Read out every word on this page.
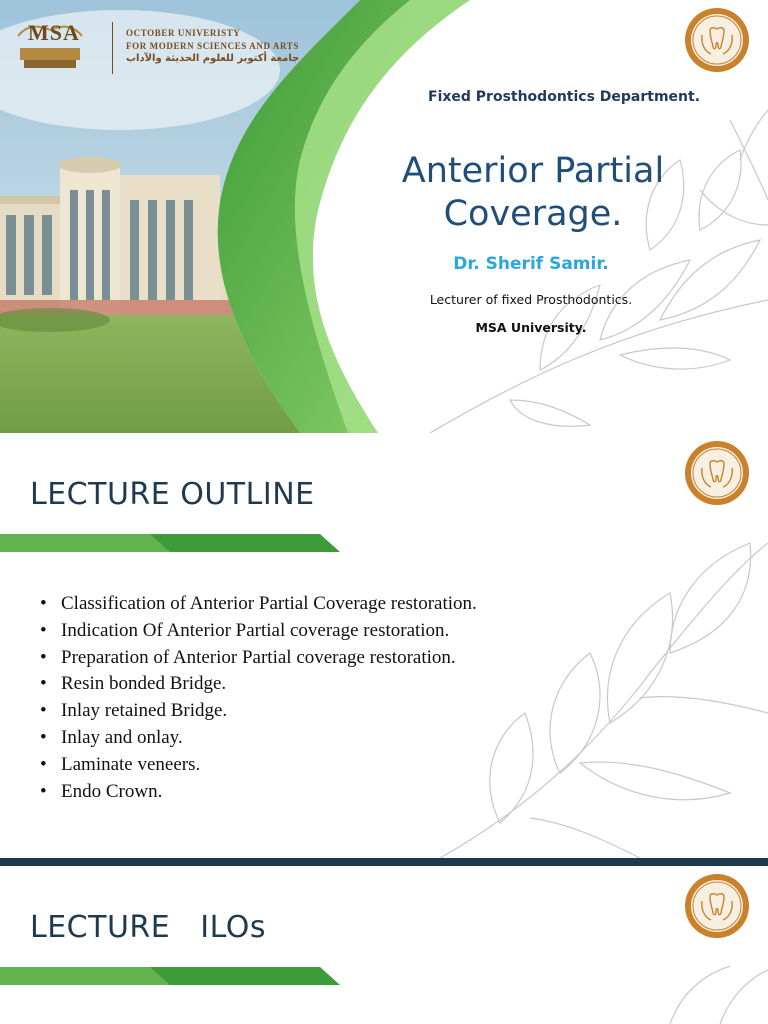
MSA	OCTOBER UNIVERISTY
FOR MODERN SCIENCES AND ARTS
جامعة أكتوبر للعلوم الحديثة والآداب
Fixed Prosthodontics Department.
Anterior Partial
Coverage.
Dr. Sherif Samir.
Lecturer of fixed Prosthodontics.
MSA University.
LECTURE OUTLINE
• Classification of Anterior Partial Coverage restoration.
• Indication Of Anterior Partial coverage restoration.
• Preparation of Anterior Partial coverage restoration.
• Resin bonded Bridge.
• Inlay retained Bridge.
• Inlay and onlay.
• Laminate veneers.
• Endo Crown.
LECTURE   ILOs
